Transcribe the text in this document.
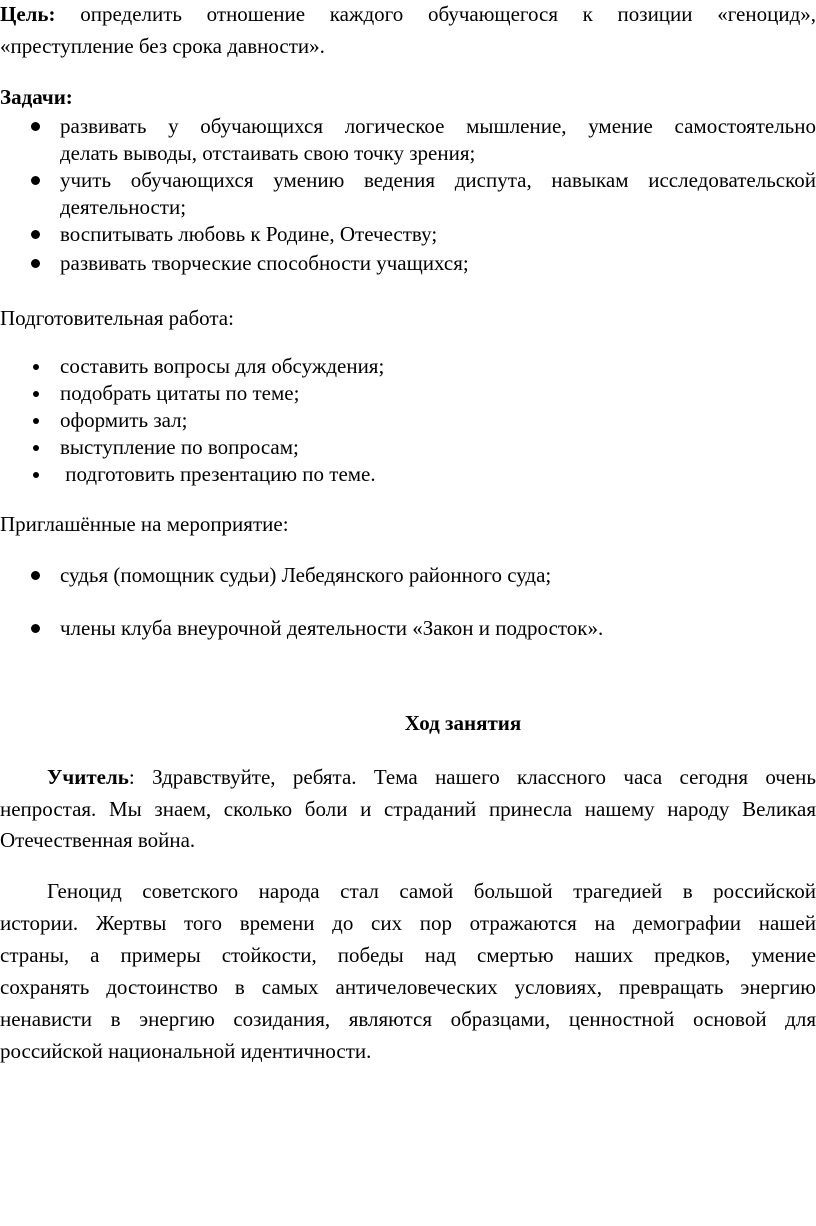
Цель: определить отношение каждого обучающегося к позиции «геноцид»,
«преступление без срока давности».
Задачи:
развивать у обучающихся логическое мышление, умение самостоятельно
делать выводы, отстаивать свою точку зрения;
учить обучающихся умению ведения диспута, навыкам исследовательской
деятельности;
воспитывать любовь к Родине, Отечеству;
развивать творческие способности учащихся;
Подготовительная работа:
составить вопросы для обсуждения;
подобрать цитаты по теме;
оформить зал;
выступление по вопросам;
подготовить презентацию по теме.
Приглашённые на мероприятие:
судья (помощник судьи) Лебедянского районного суда;
члены клуба внеурочной деятельности «Закон и подросток».
Ход занятия
Учитель: Здравствуйте, ребята. Тема нашего классного часа сегодня очень
непростая. Мы знаем, сколько боли и страданий принесла нашему народу Великая
Отечественная война.
Геноцид советского народа стал самой большой трагедией в российской
истории. Жертвы того времени до сих пор отражаются на демографии нашей
страны, а примеры стойкости, победы над смертью наших предков, умение
сохранять достоинство в самых античеловеческих условиях, превращать энергию
ненависти в энергию созидания, являются образцами, ценностной основой для
российской национальной идентичности.
